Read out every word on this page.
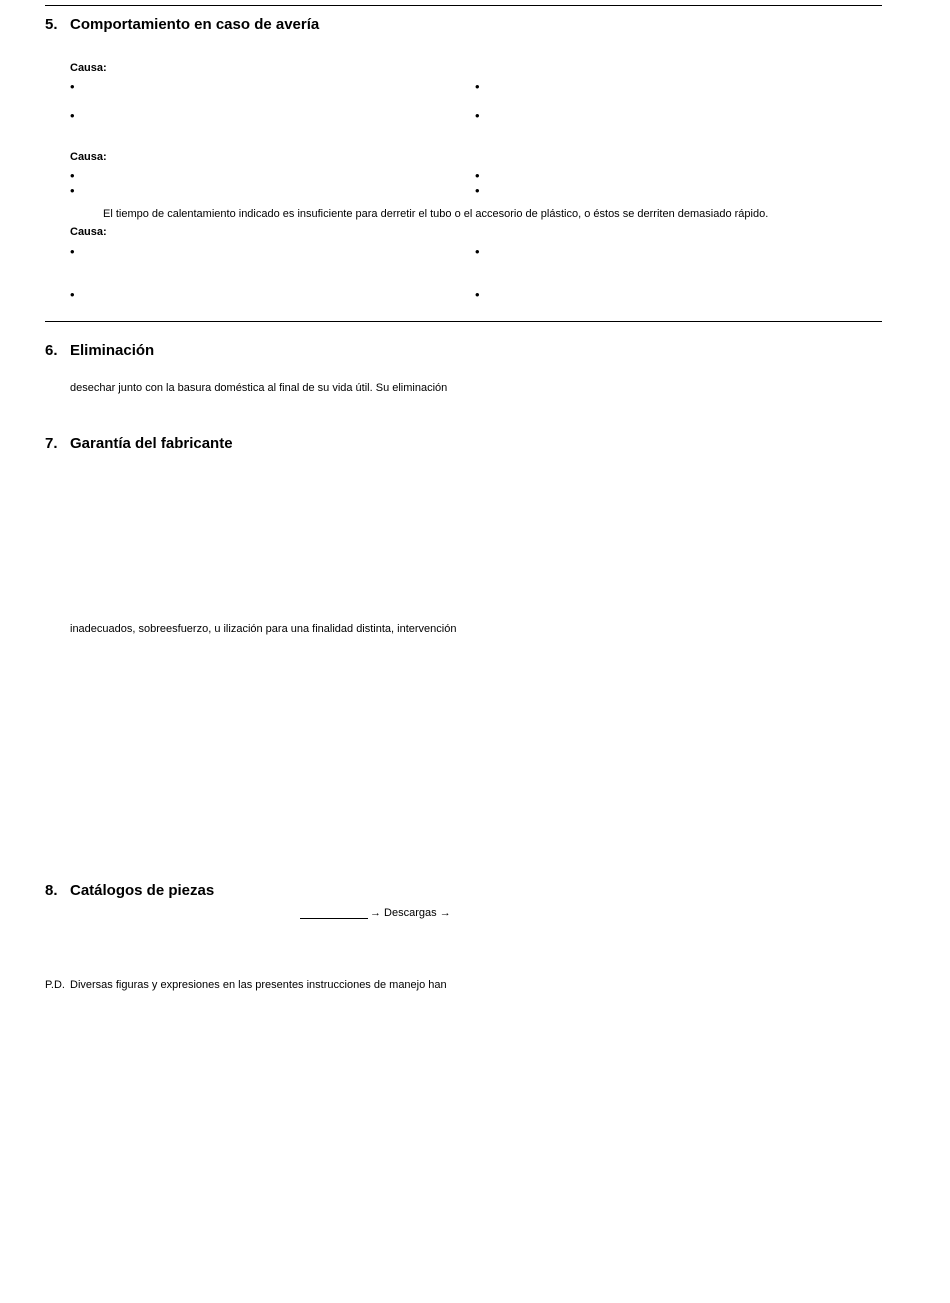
5. Comportamiento en caso de avería
Causa:
•	•
•	•
Causa:
•	•
•	•
El tiempo de calentamiento indicado es insuficiente para derretir el tubo o el accesorio de plástico, o éstos se derriten demasiado rápido.
Causa:
•	•
•	•
6. Eliminación
desechar junto con la basura doméstica al final de su vida útil. Su eliminación
7. Garantía del fabricante
inadecuados, sobreesfuerzo, u ilización para una finalidad distinta, intervención
8. Catálogos de piezas
→ Descargas →
P.D. Diversas figuras y expresiones en las presentes instrucciones de manejo han
